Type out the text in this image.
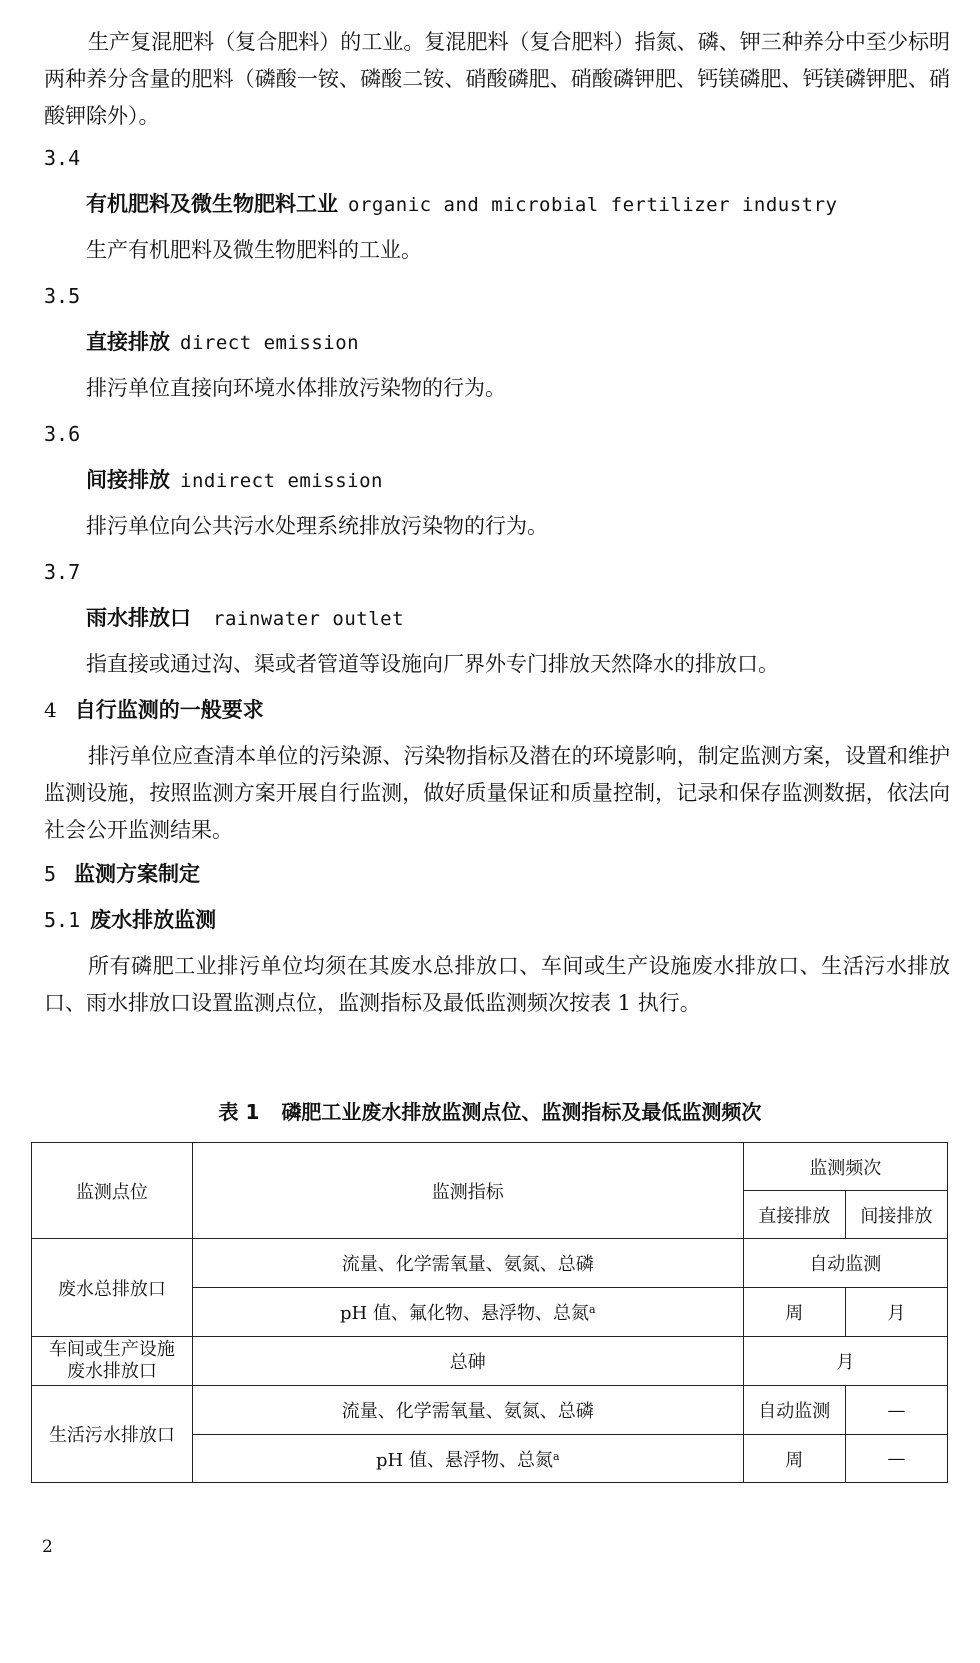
生产复混肥料（复合肥料）的工业。复混肥料（复合肥料）指氮、磷、钾三种养分中至少标明两种养分含量的肥料（磷酸一铵、磷酸二铵、硝酸磷肥、硝酸磷钾肥、钙镁磷肥、钙镁磷钾肥、硝酸钾除外）。
3.4
有机肥料及微生物肥料工业 organic and microbial fertilizer industry
生产有机肥料及微生物肥料的工业。
3.5
直接排放 direct emission
排污单位直接向环境水体排放污染物的行为。
3.6
间接排放 indirect emission
排污单位向公共污水处理系统排放污染物的行为。
3.7
雨水排放口 rainwater outlet
指直接或通过沟、渠或者管道等设施向厂界外专门排放天然降水的排放口。
4 自行监测的一般要求
排污单位应查清本单位的污染源、污染物指标及潜在的环境影响，制定监测方案，设置和维护监测设施，按照监测方案开展自行监测，做好质量保证和质量控制，记录和保存监测数据，依法向社会公开监测结果。
5 监测方案制定
5.1 废水排放监测
所有磷肥工业排污单位均须在其废水总排放口、车间或生产设施废水排放口、生活污水排放口、雨水排放口设置监测点位，监测指标及最低监测频次按表 1 执行。
表 1 磷肥工业废水排放监测点位、监测指标及最低监测频次
监测点位	监测指标	监测频次	
		直接排放	间接排放
废水总排放口	流量、化学需氧量、氨氮、总磷	自动监测	
	pH 值、氟化物、悬浮物、总氮$^a$	周	月
车间或生产设施
废水排放口	总砷	月	
生活污水排放口	流量、化学需氧量、氨氮、总磷	自动监测	—
	pH 值、悬浮物、总氮$^a$	周	—
2
